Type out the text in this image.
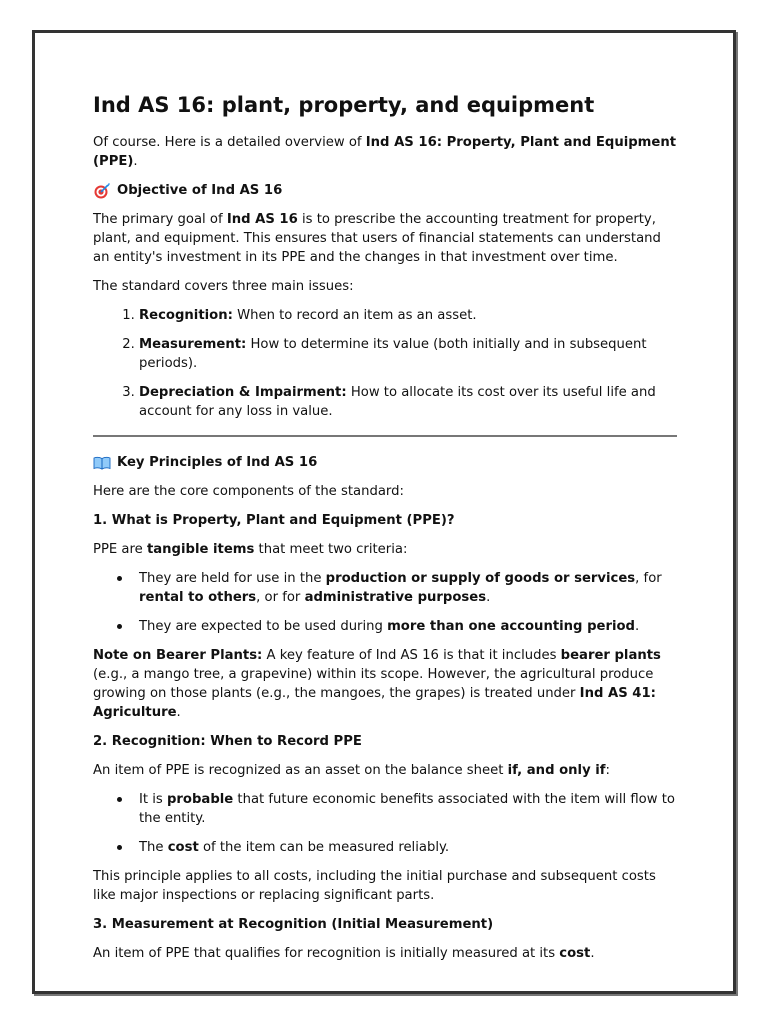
Ind AS 16: plant, property, and equipment

Of course. Here is a detailed overview of Ind AS 16: Property, Plant and Equipment (PPE).

Objective of Ind AS 16

The primary goal of Ind AS 16 is to prescribe the accounting treatment for property, plant, and equipment. This ensures that users of financial statements can understand an entity's investment in its PPE and the changes in that investment over time.

The standard covers three main issues:

1. Recognition: When to record an item as an asset.
2. Measurement: How to determine its value (both initially and in subsequent periods).
3. Depreciation & Impairment: How to allocate its cost over its useful life and account for any loss in value.
Key Principles of Ind AS 16

Here are the core components of the standard:

1. What is Property, Plant and Equipment (PPE)?

PPE are tangible items that meet two criteria:

They are held for use in the production or supply of goods or services, for rental to others, or for administrative purposes.
They are expected to be used during more than one accounting period.

Note on Bearer Plants: A key feature of Ind AS 16 is that it includes bearer plants (e.g., a mango tree, a grapevine) within its scope. However, the agricultural produce growing on those plants (e.g., the mangoes, the grapes) is treated under Ind AS 41: Agriculture.

2. Recognition: When to Record PPE

An item of PPE is recognized as an asset on the balance sheet if, and only if:

It is probable that future economic benefits associated with the item will flow to the entity.
The cost of the item can be measured reliably.

This principle applies to all costs, including the initial purchase and subsequent costs like major inspections or replacing significant parts.

3. Measurement at Recognition (Initial Measurement)

An item of PPE that qualifies for recognition is initially measured at its cost.
